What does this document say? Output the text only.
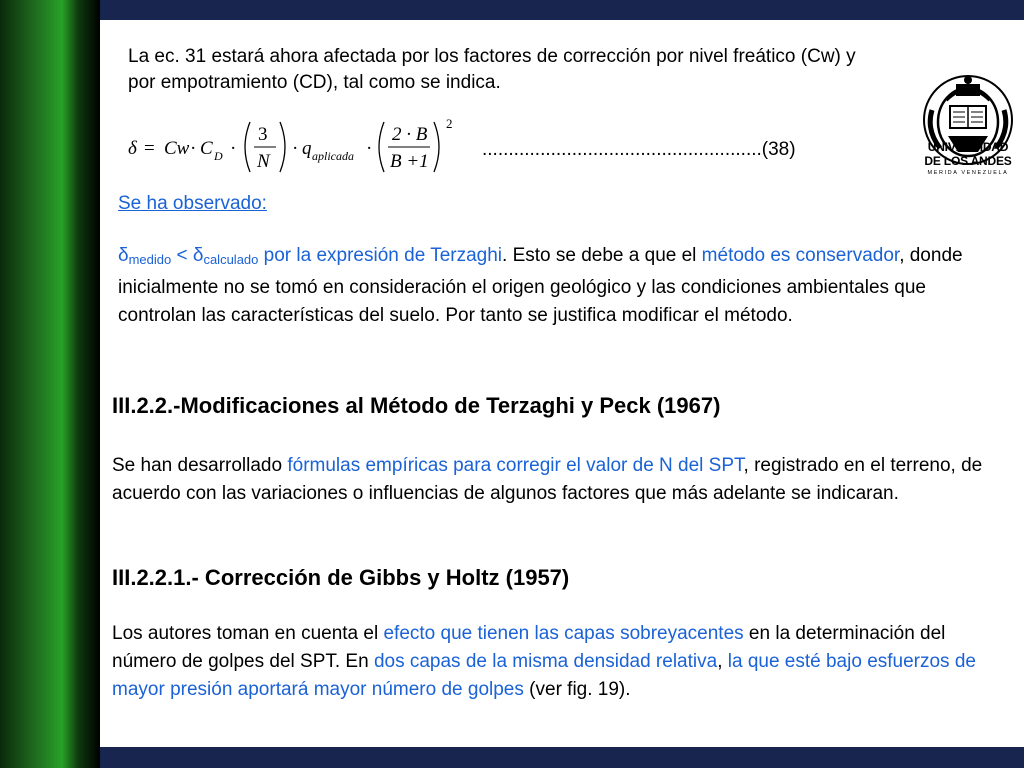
La ec. 31 estará ahora afectada por los factores de corrección por nivel freático (Cw) y por empotramiento (CD), tal como se indica.
δ = Cw · C D ·
3
N
· q aplicada ·
2 · B
B +1
2
.....................................................(38)
Se ha observado:
$\delta_{medido} < \delta_{calculado}$ por la expresión de Terzaghi. Esto se debe a que el método es conservador, donde inicialmente no se tomó en consideración el origen geológico y las condiciones ambientales que controlan las características del suelo. Por tanto se justifica modificar el método.
III.2.2.-Modificaciones al Método de Terzaghi y Peck (1967)
Se han desarrollado fórmulas empíricas para corregir el valor de N del SPT, registrado en el terreno, de acuerdo con las variaciones o influencias de algunos factores que más adelante se indicaran.
III.2.2.1.- Corrección de Gibbs y Holtz (1957)
Los autores toman en cuenta el efecto que tienen las capas sobreyacentes en la determinación del número de golpes del SPT. En dos capas de la misma densidad relativa, la que esté bajo esfuerzos de mayor presión aportará mayor número de golpes (ver fig. 19).
UNIVERSIDAD
DE LOS ANDES
MERIDA VENEZUELA
